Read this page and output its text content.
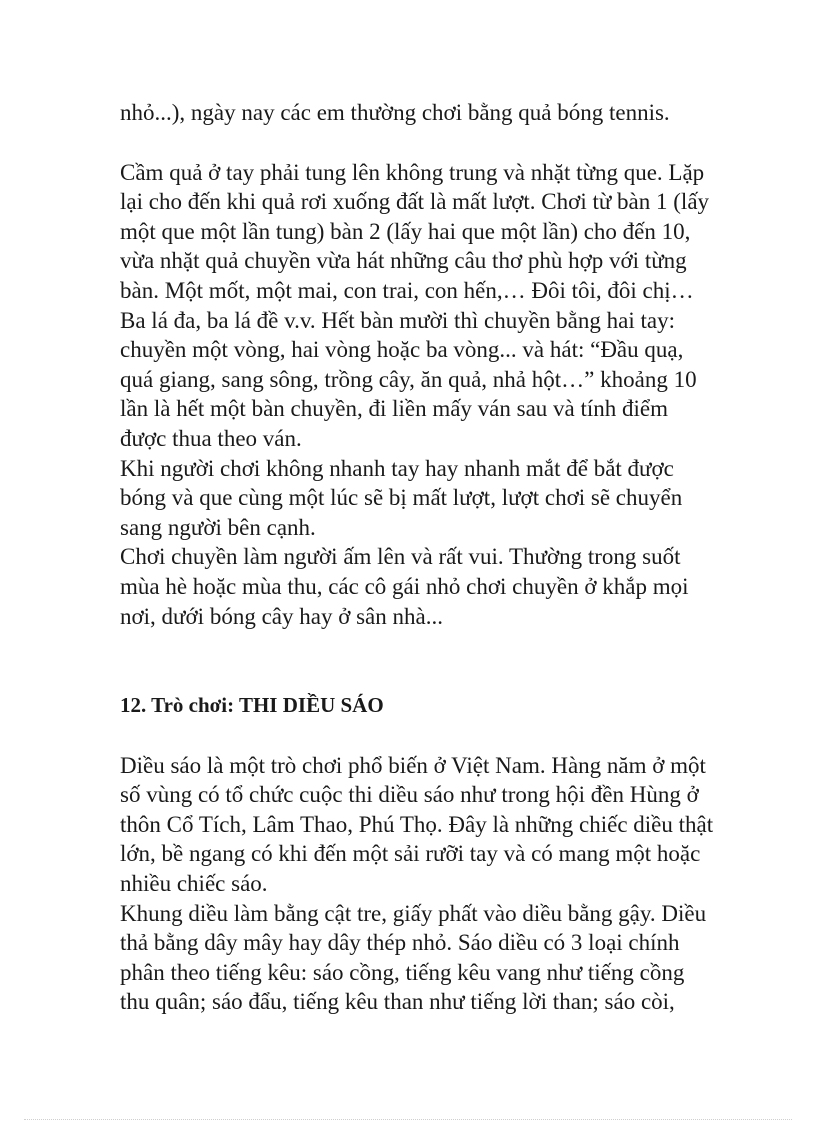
nhỏ...), ngày nay các em thường chơi bằng quả bóng tennis.

Cầm quả ở tay phải tung lên không trung và nhặt từng que. Lặp
lại cho đến khi quả rơi xuống đất là mất lượt. Chơi từ bàn 1 (lấy
một que một lần tung) bàn 2 (lấy hai que một lần) cho đến 10,
vừa nhặt quả chuyền vừa hát những câu thơ phù hợp với từng
bàn. Một mốt, một mai, con trai, con hến,… Đôi tôi, đôi chị…
Ba lá đa, ba lá đề v.v. Hết bàn mười thì chuyền bằng hai tay:
chuyền một vòng, hai vòng hoặc ba vòng... và hát: “Đầu quạ,
quá giang, sang sông, trồng cây, ăn quả, nhả hột…” khoảng 10
lần là hết một bàn chuyền, đi liền mấy ván sau và tính điểm
được thua theo ván.
Khi người chơi không nhanh tay hay nhanh mắt để bắt được
bóng và que cùng một lúc sẽ bị mất lượt, lượt chơi sẽ chuyển
sang người bên cạnh.
Chơi chuyền làm người ấm lên và rất vui. Thường trong suốt
mùa hè hoặc mùa thu, các cô gái nhỏ chơi chuyền ở khắp mọi
nơi, dưới bóng cây hay ở sân nhà...

12. Trò chơi: THI DIỀU SÁO

Diều sáo là một trò chơi phổ biến ở Việt Nam. Hàng năm ở một
số vùng có tổ chức cuộc thi diều sáo như trong hội đền Hùng ở
thôn Cổ Tích, Lâm Thao, Phú Thọ. Đây là những chiếc diều thật
lớn, bề ngang có khi đến một sải rưỡi tay và có mang một hoặc
nhiều chiếc sáo.
Khung diều làm bằng cật tre, giấy phất vào diều bằng gậy. Diều
thả bằng dây mây hay dây thép nhỏ. Sáo diều có 3 loại chính
phân theo tiếng kêu: sáo cồng, tiếng kêu vang như tiếng cồng
thu quân; sáo đẩu, tiếng kêu than như tiếng lời than; sáo còi,
